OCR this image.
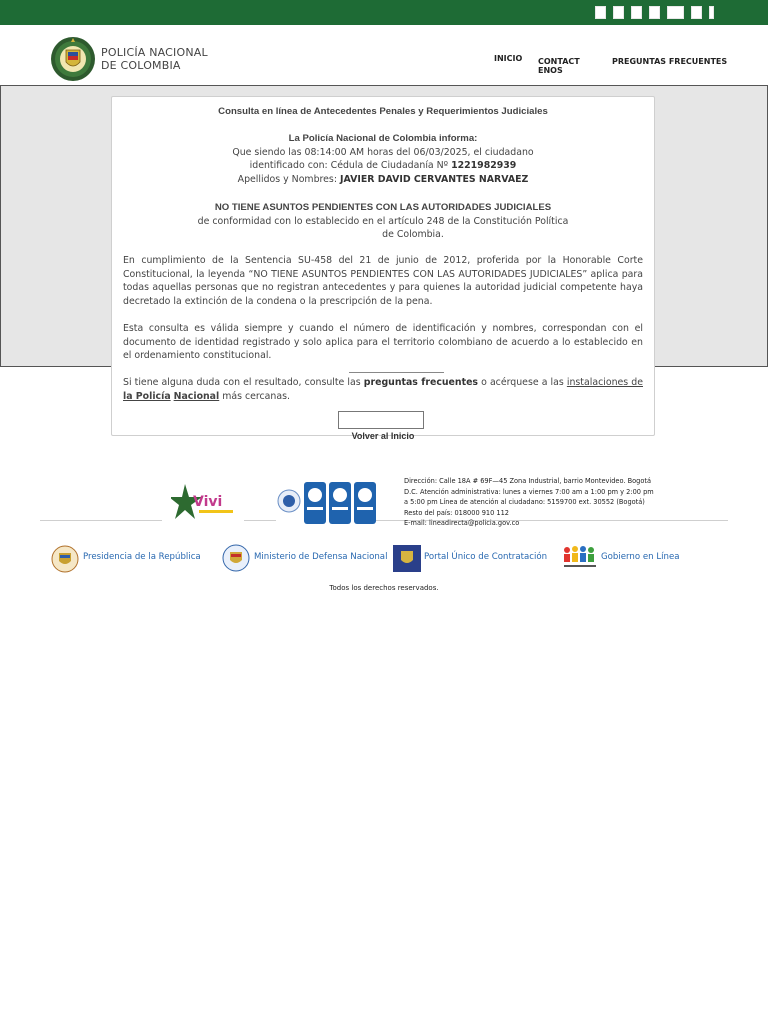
POLICÍA NACIONAL
DE COLOMBIA
INICIO CONTACTENOS
PREGUNTAS FRECUENTES
Consulta en línea de Antecedentes Penales y Requerimientos Judiciales
La Policía Nacional de Colombia informa:
Que siendo las 08:14:00 AM horas del 06/03/2025, el ciudadano
identificado con: Cédula de Ciudadanía Nº 1221982939
Apellidos y Nombres: JAVIER DAVID CERVANTES NARVAEZ
NO TIENE ASUNTOS PENDIENTES CON LAS AUTORIDADES JUDICIALES
de conformidad con lo establecido en el artículo 248 de la Constitución Política
de Colombia.
En cumplimiento de la Sentencia SU-458 del 21 de junio de 2012, proferida por la Honorable Corte Constitucional, la leyenda “NO TIENE ASUNTOS PENDIENTES CON LAS AUTORIDADES JUDICIALES” aplica para todas aquellas personas que no registran antecedentes y para quienes la autoridad judicial competente haya decretado la extinción de la condena o la prescripción de la pena.
Esta consulta es válida siempre y cuando el número de identificación y nombres, correspondan con el documento de identidad registrado y solo aplica para el territorio colombiano de acuerdo a lo establecido en el ordenamiento constitucional.
Si tiene alguna duda con el resultado, consulte las preguntas frecuentes o acérquese a las instalaciones de la Policía Nacional más cercanas.
Volver al Inicio
Vivi
Dirección: Calle 18A # 69F—45 Zona Industrial, barrio Montevideo. Bogotá
D.C. Atención administrativa: lunes a viernes 7:00 am a 1:00 pm y 2:00 pm
a 5:00 pm Línea de atención al ciudadano: 5159700 ext. 30552 (Bogotá)
Resto del país: 018000 910 112
E-mail: lineadirecta@policia.gov.co
Presidencia de la República	Ministerio de Defensa Nacional	Portal Único de Contratación	Gobierno en Línea
Todos los derechos reservados.
